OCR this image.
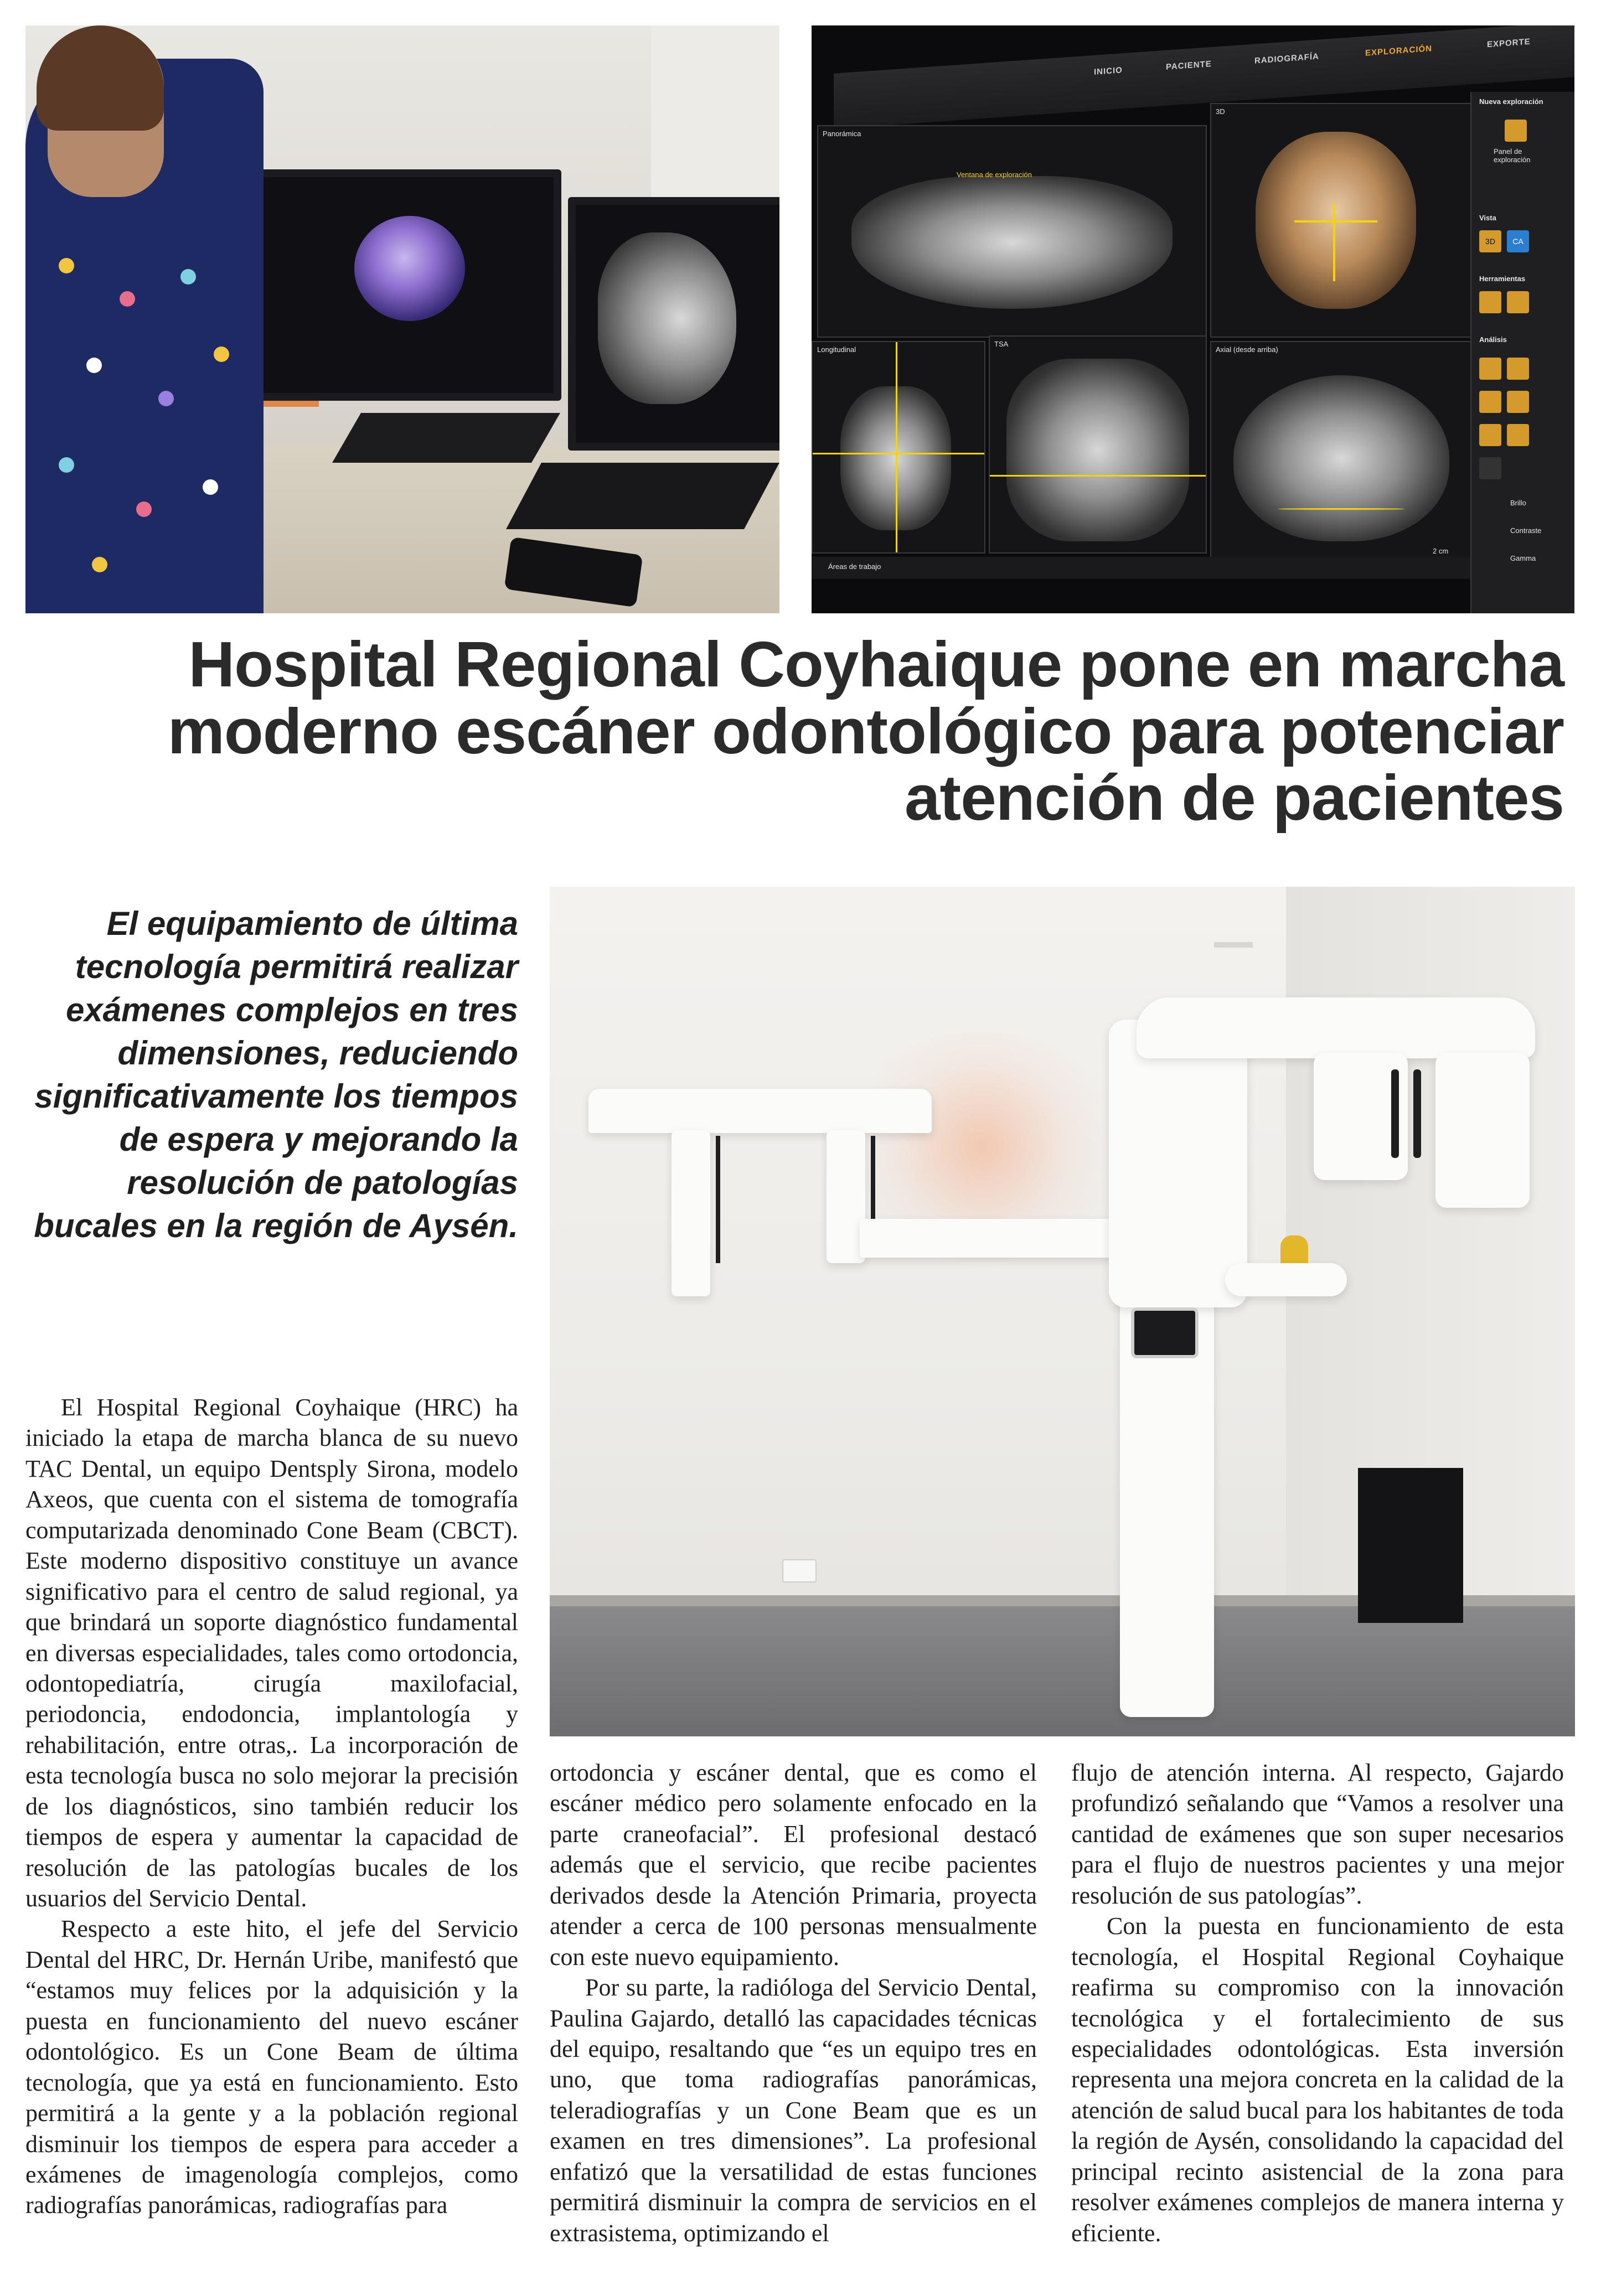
INICIO	PACIENTE	RADIOGRAFÍA
EXPLORACIÓN
EXPORTE
Panorámica
Ventana de exploración
3D
Longitudinal
TSA
Axial (desde arriba)
2 cm
Áreas de trabajo
Nueva exploración
Panel de exploración
Vista
3D	CA
Herramientas
Análisis
Brillo
Contraste
Gamma
Hospital Regional Coyhaique pone en marcha
moderno escáner odontológico para potenciar
atención de pacientes
El equipamiento de última tecnología permitirá realizar exámenes complejos en tres dimensiones, reduciendo significativamente los tiempos de espera y mejorando la resolución de patologías bucales en la región de Aysén.

El Hospital Regional Coyhaique (HRC) ha iniciado la etapa de marcha blanca de su nuevo TAC Dental, un equipo Dentsply Sirona, modelo Axeos, que cuenta con el sistema de tomografía computarizada denominado Cone Beam (CBCT). Este moderno dispositivo constituye un avance significativo para el centro de salud regional, ya que brindará un soporte diagnóstico fundamental en diversas especialidades, tales como ortodoncia, odontopediatría, cirugía maxilofacial, periodoncia, endodoncia, implantología y rehabilitación, entre otras,. La incorporación de esta tecnología busca no solo mejorar la precisión de los diagnósticos, sino también reducir los tiempos de espera y aumentar la capacidad de resolución de las patologías bucales de los usuarios del Servicio Dental.

Respecto a este hito, el jefe del Servicio Dental del HRC, Dr. Hernán Uribe, manifestó que “estamos muy felices por la adquisición y la puesta en funcionamiento del nuevo escáner odontológico. Es un Cone Beam de última tecnología, que ya está en funcionamiento. Esto permitirá a la gente y a la población regional disminuir los tiempos de espera para acceder a exámenes de imagenología complejos, como radiografías panorámicas, radiografías para

ortodoncia y escáner dental, que es como el escáner médico pero solamente enfocado en la parte craneofacial”. El profesional destacó además que el servicio, que recibe pacientes derivados desde la Atención Primaria, proyecta atender a cerca de 100 personas mensualmente con este nuevo equipamiento.

Por su parte, la radióloga del Servicio Dental, Paulina Gajardo, detalló las capacidades técnicas del equipo, resaltando que “es un equipo tres en uno, que toma radiografías panorámicas, teleradiografías y un Cone Beam que es un examen en tres dimensiones”. La profesional enfatizó que la versatilidad de estas funciones permitirá disminuir la compra de servicios en el extrasistema, optimizando el

flujo de atención interna. Al respecto, Gajardo profundizó señalando que “Vamos a resolver una cantidad de exámenes que son super necesarios para el flujo de nuestros pacientes y una mejor resolución de sus patologías”.

Con la puesta en funcionamiento de esta tecnología, el Hospital Regional Coyhaique reafirma su compromiso con la innovación tecnológica y el fortalecimiento de sus especialidades odontológicas. Esta inversión representa una mejora concreta en la calidad de la atención de salud bucal para los habitantes de toda la región de Aysén, consolidando la capacidad del principal recinto asistencial de la zona para resolver exámenes complejos de manera interna y eficiente.
